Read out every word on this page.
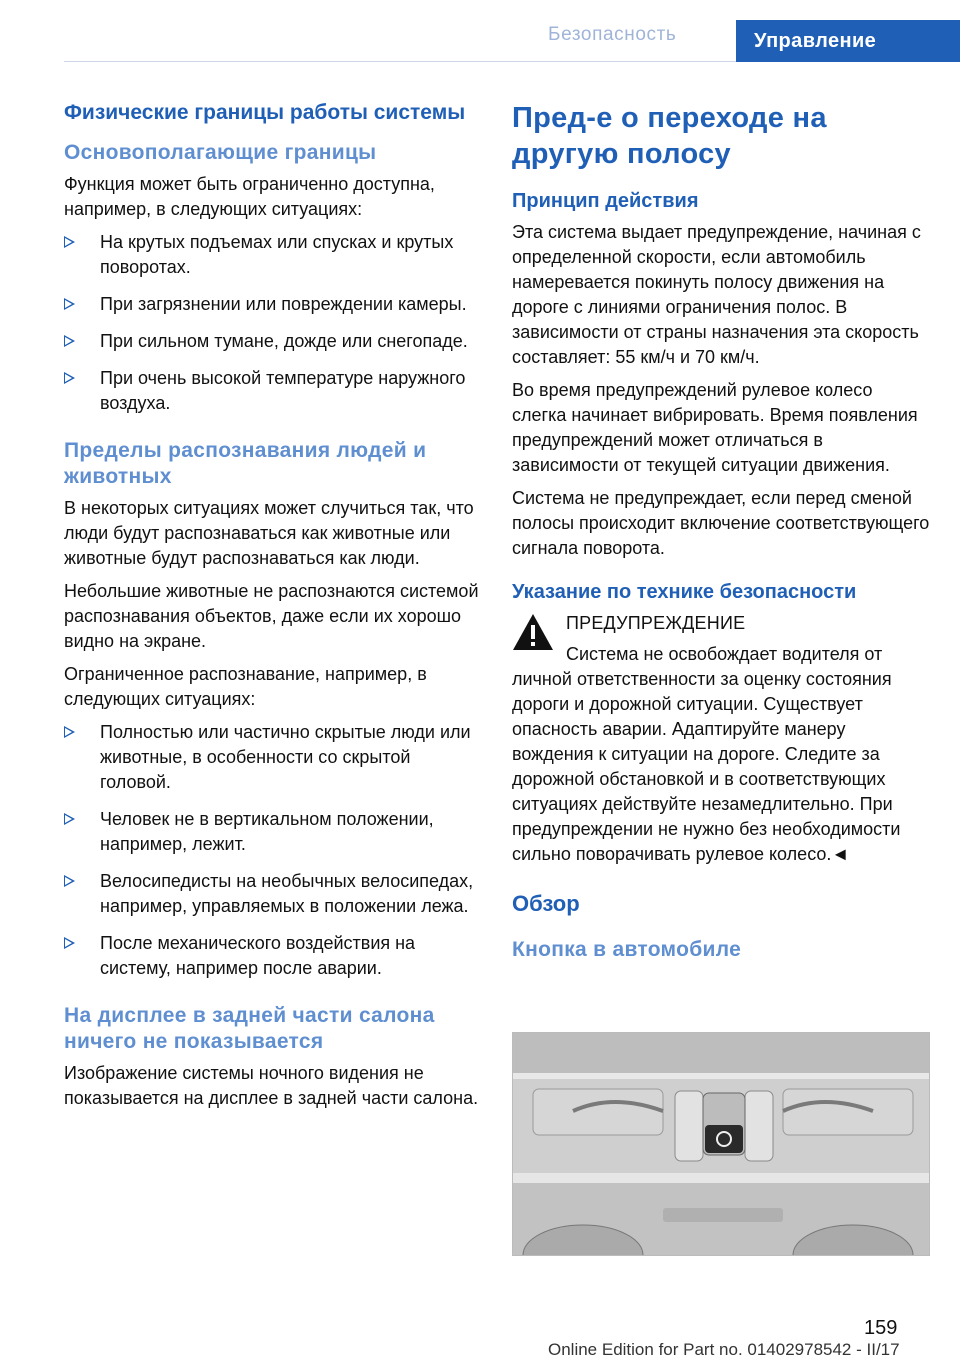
Безопасность	Управление
Физические границы работы системы
Основополагающие границы

Функция может быть ограниченно доступна, например, в следующих ситуациях:

На крутых подъемах или спусках и крутых поворотах.
При загрязнении или повреждении камеры.
При сильном тумане, дожде или снегопаде.
При очень высокой температуре наружного воздуха.
Пределы распознавания людей и животных

В некоторых ситуациях может случиться так, что люди будут распознаваться как животные или животные будут распознаваться как люди.

Небольшие животные не распознаются системой распознавания объектов, даже если их хорошо видно на экране.

Ограниченное распознавание, например, в следующих ситуациях:

Полностью или частично скрытые люди или животные, в особенности со скрытой головой.
Человек не в вертикальном положении, например, лежит.
Велосипедисты на необычных велосипедах, например, управляемых в положении лежа.
После механического воздействия на систему, например после аварии.
На дисплее в задней части салона ничего не показывается

Изображение системы ночного видения не показывается на дисплее в задней части салона.

Пред-е о переходе на другую полосу
Принцип действия

Эта система выдает предупреждение, начиная с определенной скорости, если автомобиль намеревается покинуть полосу движения на дороге с линиями ограничения полос. В зависимости от страны назначения эта скорость составляет: 55 км/ч и 70 км/ч.

Во время предупреждений рулевое колесо слегка начинает вибрировать. Время появления предупреждений может отличаться в зависимости от текущей ситуации движения.

Система не предупреждает, если перед сменой полосы происходит включение соответствующего сигнала поворота.

Указание по технике безопасности
ПРЕДУПРЕЖДЕНИЕ

Система не освобождает водителя от личной ответственности за оценку состояния дороги и дорожной ситуации. Существует опасность аварии. Адаптируйте манеру вождения к ситуации на дороге. Следите за дорожной обстановкой и в соответствующих ситуациях действуйте незамедлительно. При предупреждении не нужно без необходимости сильно поворачивать рулевое колесо.◄

Обзор
Кнопка в автомобиле
159
Online Edition for Part no. 01402978542 - II/17
